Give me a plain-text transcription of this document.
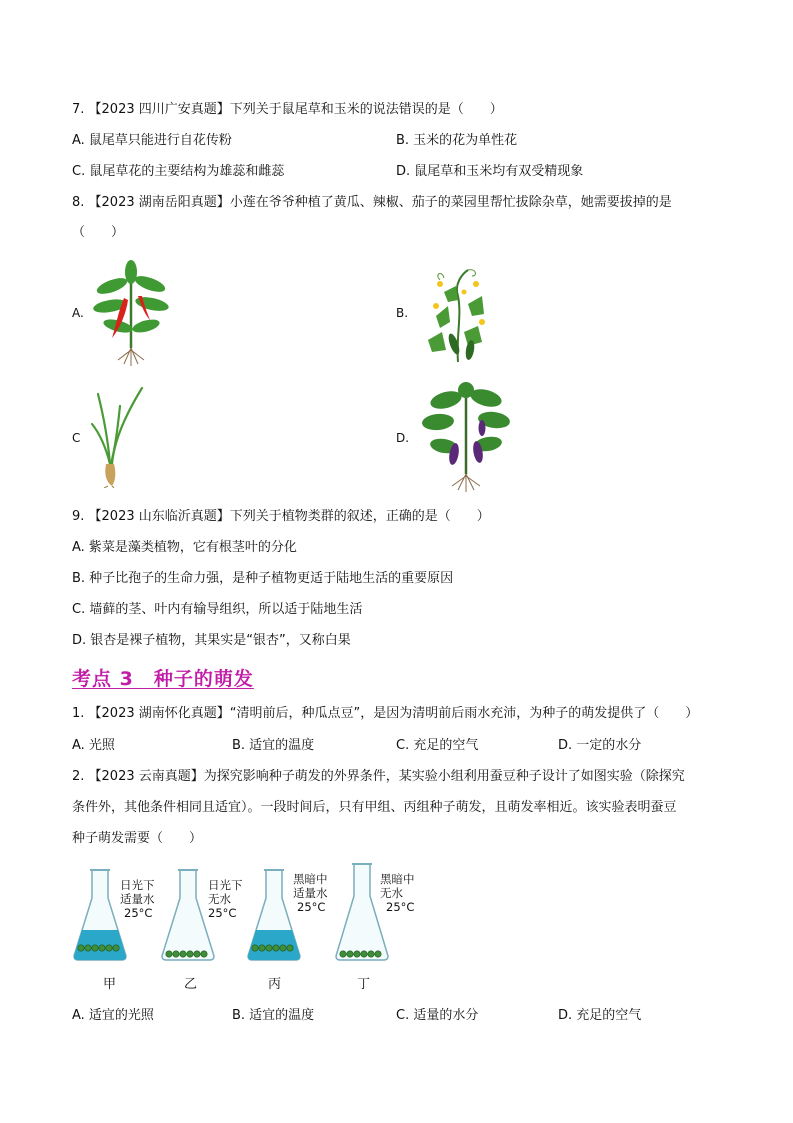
7. 【2023 四川广安真题】下列关于鼠尾草和玉米的说法错误的是（　　）
A. 鼠尾草只能进行自花传粉	B. 玉米的花为单性花
C. 鼠尾草花的主要结构为雄蕊和雌蕊	D. 鼠尾草和玉米均有双受精现象
8. 【2023 湖南岳阳真题】小莲在爷爷种植了黄瓜、辣椒、茄子的菜园里帮忙拔除杂草，她需要拔掉的是
（　　）
A.	B.
C	D.
9. 【2023 山东临沂真题】下列关于植物类群的叙述，正确的是（　　）
A. 紫菜是藻类植物，它有根茎叶的分化
B. 种子比孢子的生命力强，是种子植物更适于陆地生活的重要原因
C. 墙藓的茎、叶内有输导组织，所以适于陆地生活
D. 银杏是裸子植物，其果实是“银杏”，又称白果
考点 3　种子的萌发
1. 【2023 湖南怀化真题】“清明前后，种瓜点豆”，是因为清明前后雨水充沛，为种子的萌发提供了（　　）
A. 光照	B. 适宜的温度	C. 充足的空气	D. 一定的水分
2. 【2023 云南真题】为探究影响种子萌发的外界条件，某实验小组利用蚕豆种子设计了如图实验（除探究
条件外，其他条件相同且适宜）。一段时间后，只有甲组、丙组种子萌发，且萌发率相近。该实验表明蚕豆
种子萌发需要（　　）
日光下
适量水
25°C
甲
日光下
无水
25°C
乙
黑暗中
适量水
25°C
丙
黑暗中
无水
25°C
丁
A. 适宜的光照	B. 适宜的温度	C. 适量的水分	D. 充足的空气
